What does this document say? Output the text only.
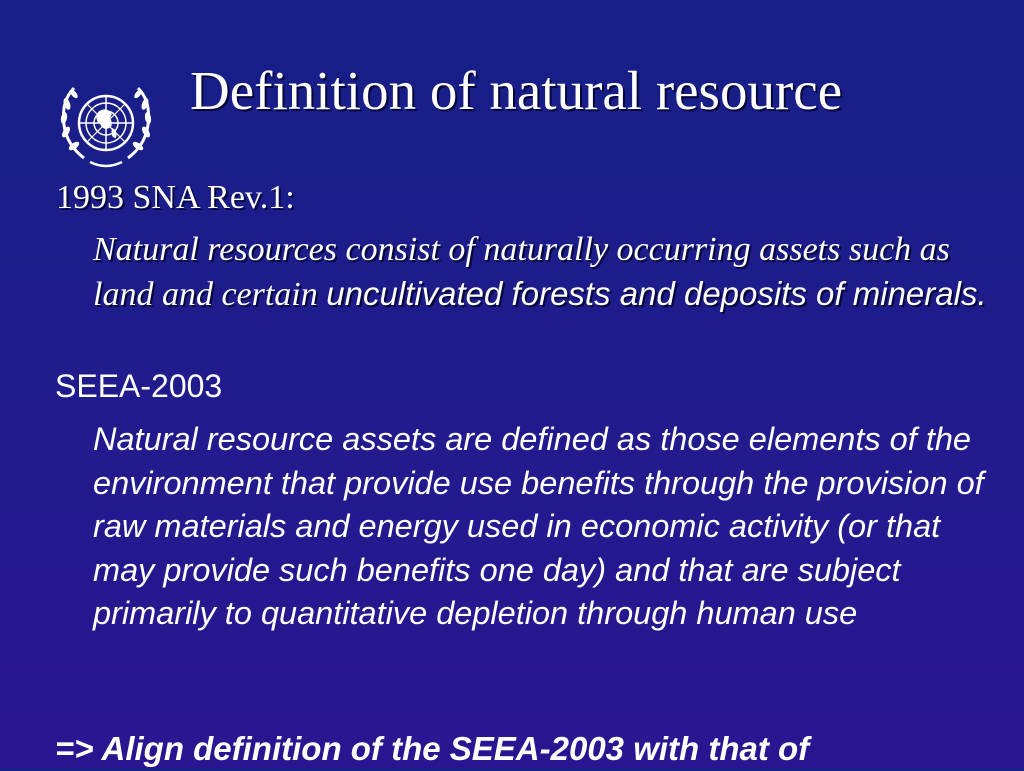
Definition of natural resource

1993 SNA Rev.1:

Natural resources consist of naturally occurring assets such as land and certain uncultivated forests and deposits of minerals.

SEEA-2003

Natural resource assets are defined as those elements of the environment that provide use benefits through the provision of raw materials and energy used in economic activity (or that may provide such benefits one day) and that are subject primarily to quantitative depletion through human use

=> Align definition of the SEEA-2003 with that of
